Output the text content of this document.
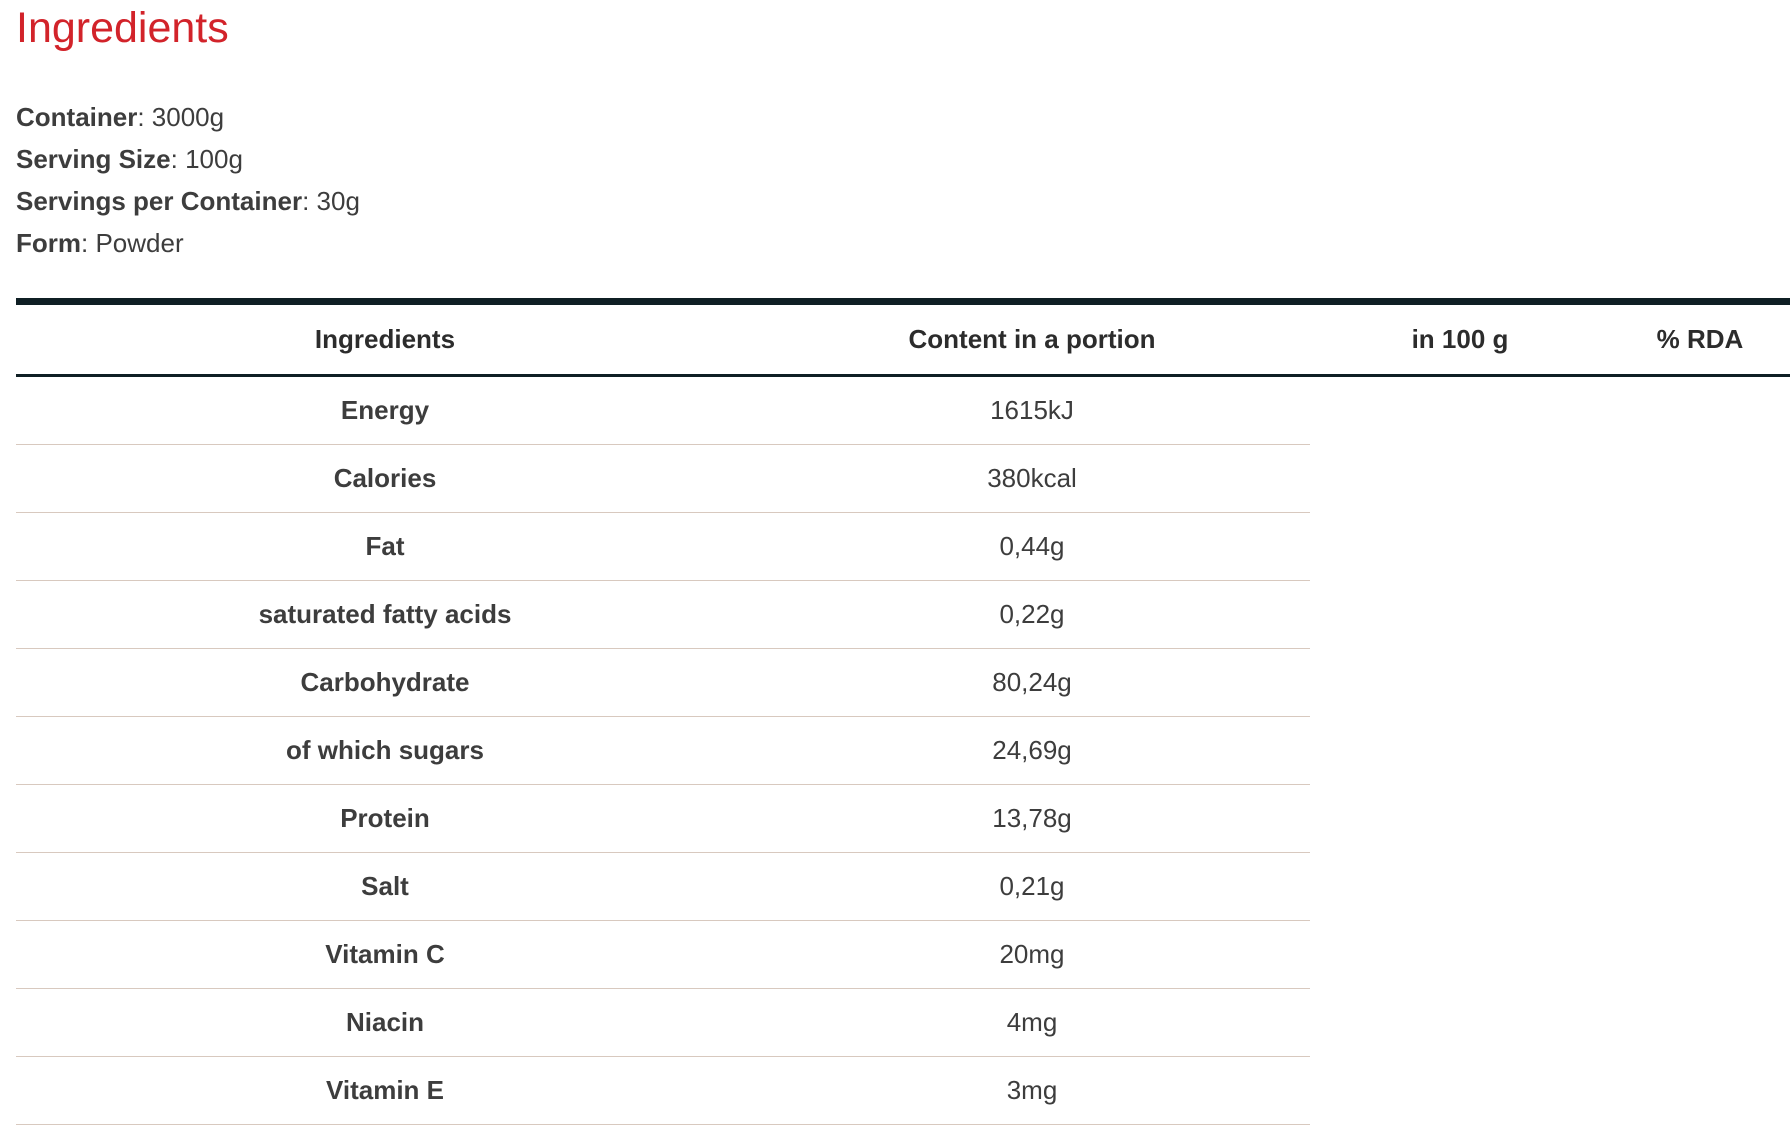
Ingredients
Container: 3000g
Serving Size: 100g
Servings per Container: 30g
Form: Powder
Ingredients	Content in a portion	in 100 g	% RDA
Energy	1615kJ
Calories	380kcal
Fat	0,44g
saturated fatty acids	0,22g
Carbohydrate	80,24g
of which sugars	24,69g
Protein	13,78g
Salt	0,21g
Vitamin C	20mg
Niacin	4mg
Vitamin E	3mg
